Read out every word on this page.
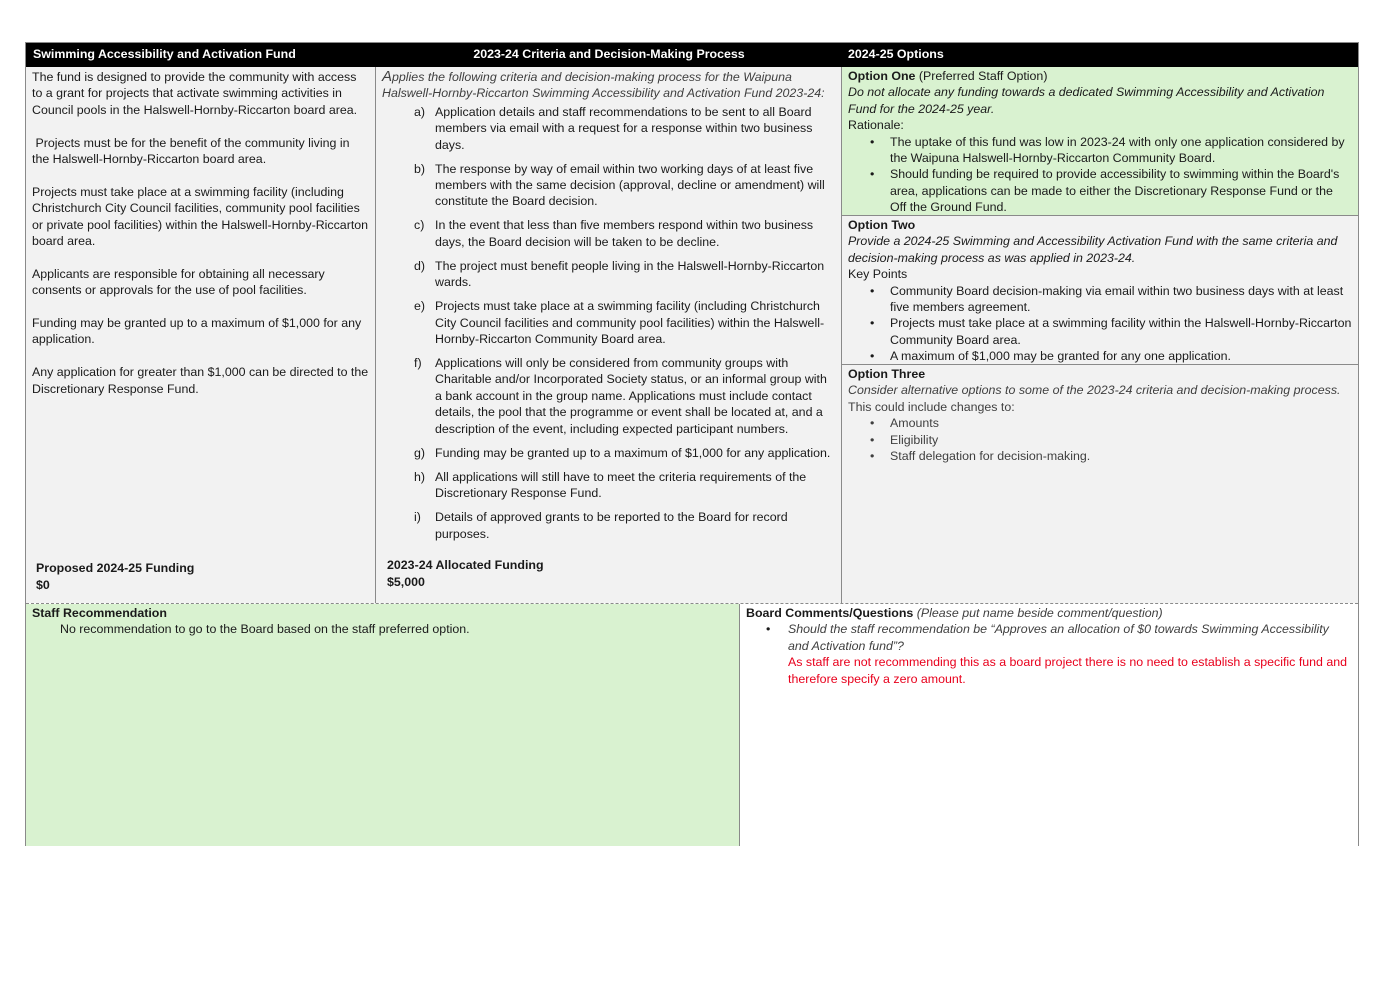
Swimming Accessibility and Activation Fund	2023-24 Criteria and Decision-Making Process	2024-25 Options

The fund is designed to provide the community with access to a grant for projects that activate swimming activities in Council pools in the Halswell-Hornby-Riccarton board area.

Projects must be for the benefit of the community living in the Halswell-Hornby-Riccarton board area.

Projects must take place at a swimming facility (including Christchurch City Council facilities, community pool facilities or private pool facilities) within the Halswell-Hornby-Riccarton board area.

Applicants are responsible for obtaining all necessary consents or approvals for the use of pool facilities.

Funding may be granted up to a maximum of $1,000 for any application.

Any application for greater than $1,000 can be directed to the Discretionary Response Fund.

Proposed 2024-25 Funding
$0
Applies the following criteria and decision-making process for the Waipuna Halswell-Hornby-Riccarton Swimming Accessibility and Activation Fund 2023-24:
a) Application details and staff recommendations to be sent to all Board members via email with a request for a response within two business days.
b) The response by way of email within two working days of at least five members with the same decision (approval, decline or amendment) will constitute the Board decision.
c) In the event that less than five members respond within two business days, the Board decision will be taken to be decline.
d) The project must benefit people living in the Halswell-Hornby-Riccarton wards.
e) Projects must take place at a swimming facility (including Christchurch City Council facilities and community pool facilities) within the Halswell-Hornby-Riccarton Community Board area.
f) Applications will only be considered from community groups with Charitable and/or Incorporated Society status, or an informal group with a bank account in the group name. Applications must include contact details, the pool that the programme or event shall be located at, and a description of the event, including expected participant numbers.
g) Funding may be granted up to a maximum of $1,000 for any application.
h) All applications will still have to meet the criteria requirements of the Discretionary Response Fund.
i) Details of approved grants to be reported to the Board for record purposes.
2023-24 Allocated Funding
$5,000
Option One (Preferred Staff Option)
Do not allocate any funding towards a dedicated Swimming Accessibility and Activation Fund for the 2024-25 year.
Rationale:
• The uptake of this fund was low in 2023-24 with only one application considered by the Waipuna Halswell-Hornby-Riccarton Community Board.
• Should funding be required to provide accessibility to swimming within the Board's area, applications can be made to either the Discretionary Response Fund or the Off the Ground Fund.
Option Two
Provide a 2024-25 Swimming and Accessibility Activation Fund with the same criteria and decision-making process as was applied in 2023-24.
Key Points
• Community Board decision-making via email within two business days with at least five members agreement.
• Projects must take place at a swimming facility within the Halswell-Hornby-Riccarton Community Board area.
• A maximum of $1,000 may be granted for any one application.
Option Three
Consider alternative options to some of the 2023-24 criteria and decision-making process.
This could include changes to:
• Amounts
• Eligibility
• Staff delegation for decision-making.
Staff Recommendation
No recommendation to go to the Board based on the staff preferred option.
Board Comments/Questions (Please put name beside comment/question)
• Should the staff recommendation be “Approves an allocation of $0 towards Swimming Accessibility and Activation fund”?
As staff are not recommending this as a board project there is no need to establish a specific fund and therefore specify a zero amount.
